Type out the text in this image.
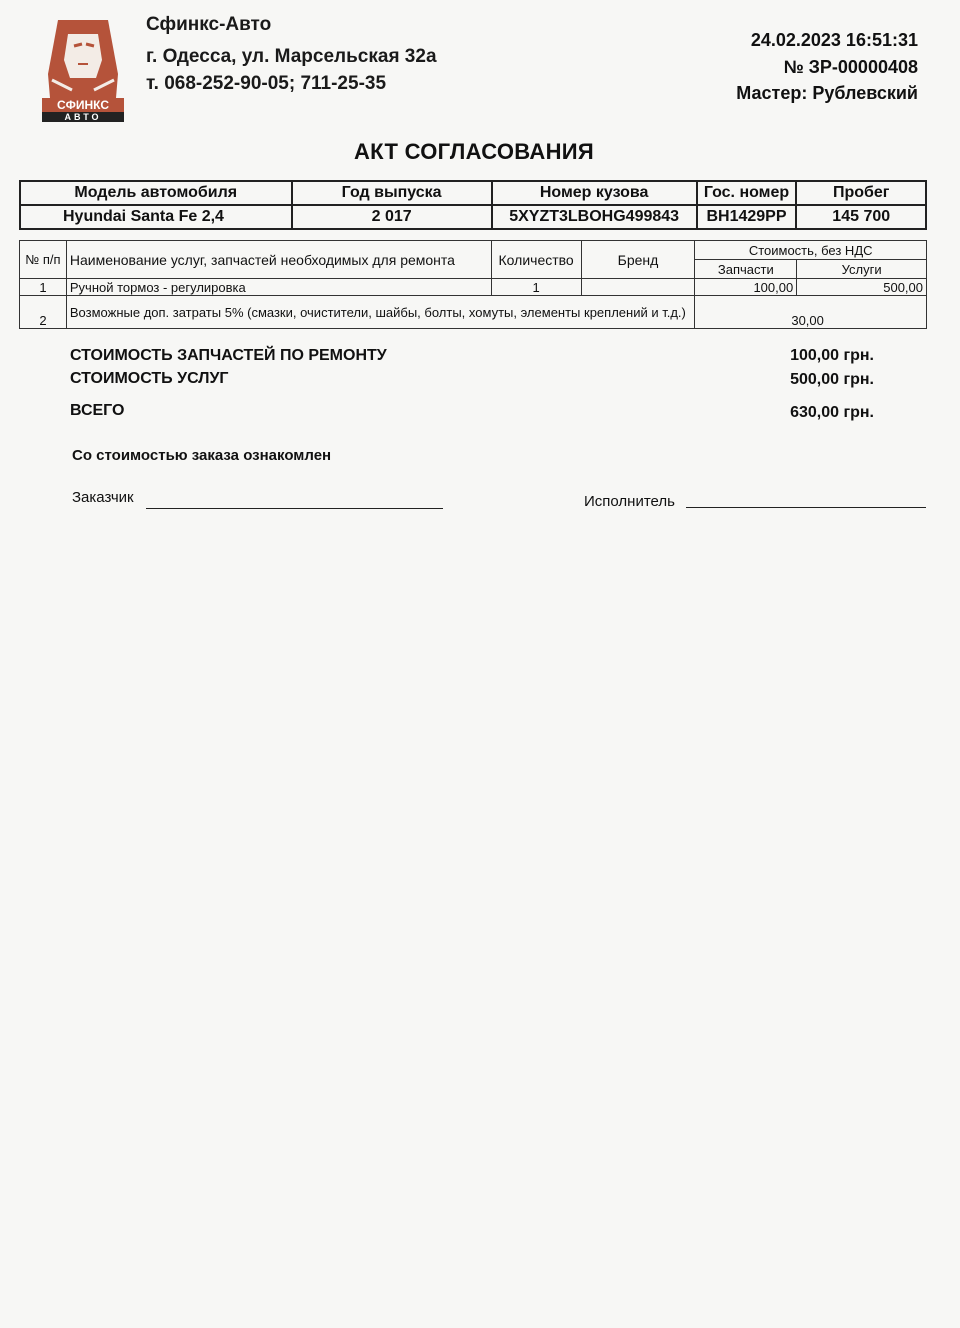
СФИНКС
АВТО
Сфинкс-Авто
г. Одесса, ул. Марсельская 32а
т. 068-252-90-05; 711-25-35
24.02.2023 16:51:31
№ ЗР-00000408
Мастер: Рублевский
АКТ СОГЛАСОВАНИЯ
Модель автомобиля	Год выпуска	Номер кузова	Гос. номер	Пробег
Hyundai Santa Fe 2,4	2 017	5XYZT3LBOHG499843	ВН1429РР	145 700
№ п/п	Наименование услуг, запчастей необходимых для ремонта	Количество	Бренд	Стоимость, без НДС	
				Запчасти	Услуги
1	Ручной тормоз - регулировка	1		100,00	500,00
2	Возможные доп. затраты 5% (смазки, очистители, шайбы, болты, хомуты, элементы креплений и т.д.)			30,00	
СТОИМОСТЬ ЗАПЧАСТЕЙ ПО РЕМОНТУ	100,00 грн.
СТОИМОСТЬ УСЛУГ	500,00 грн.
ВСЕГО	630,00 грн.
Со стоимостью заказа ознакомлен
Заказчик	Исполнитель
